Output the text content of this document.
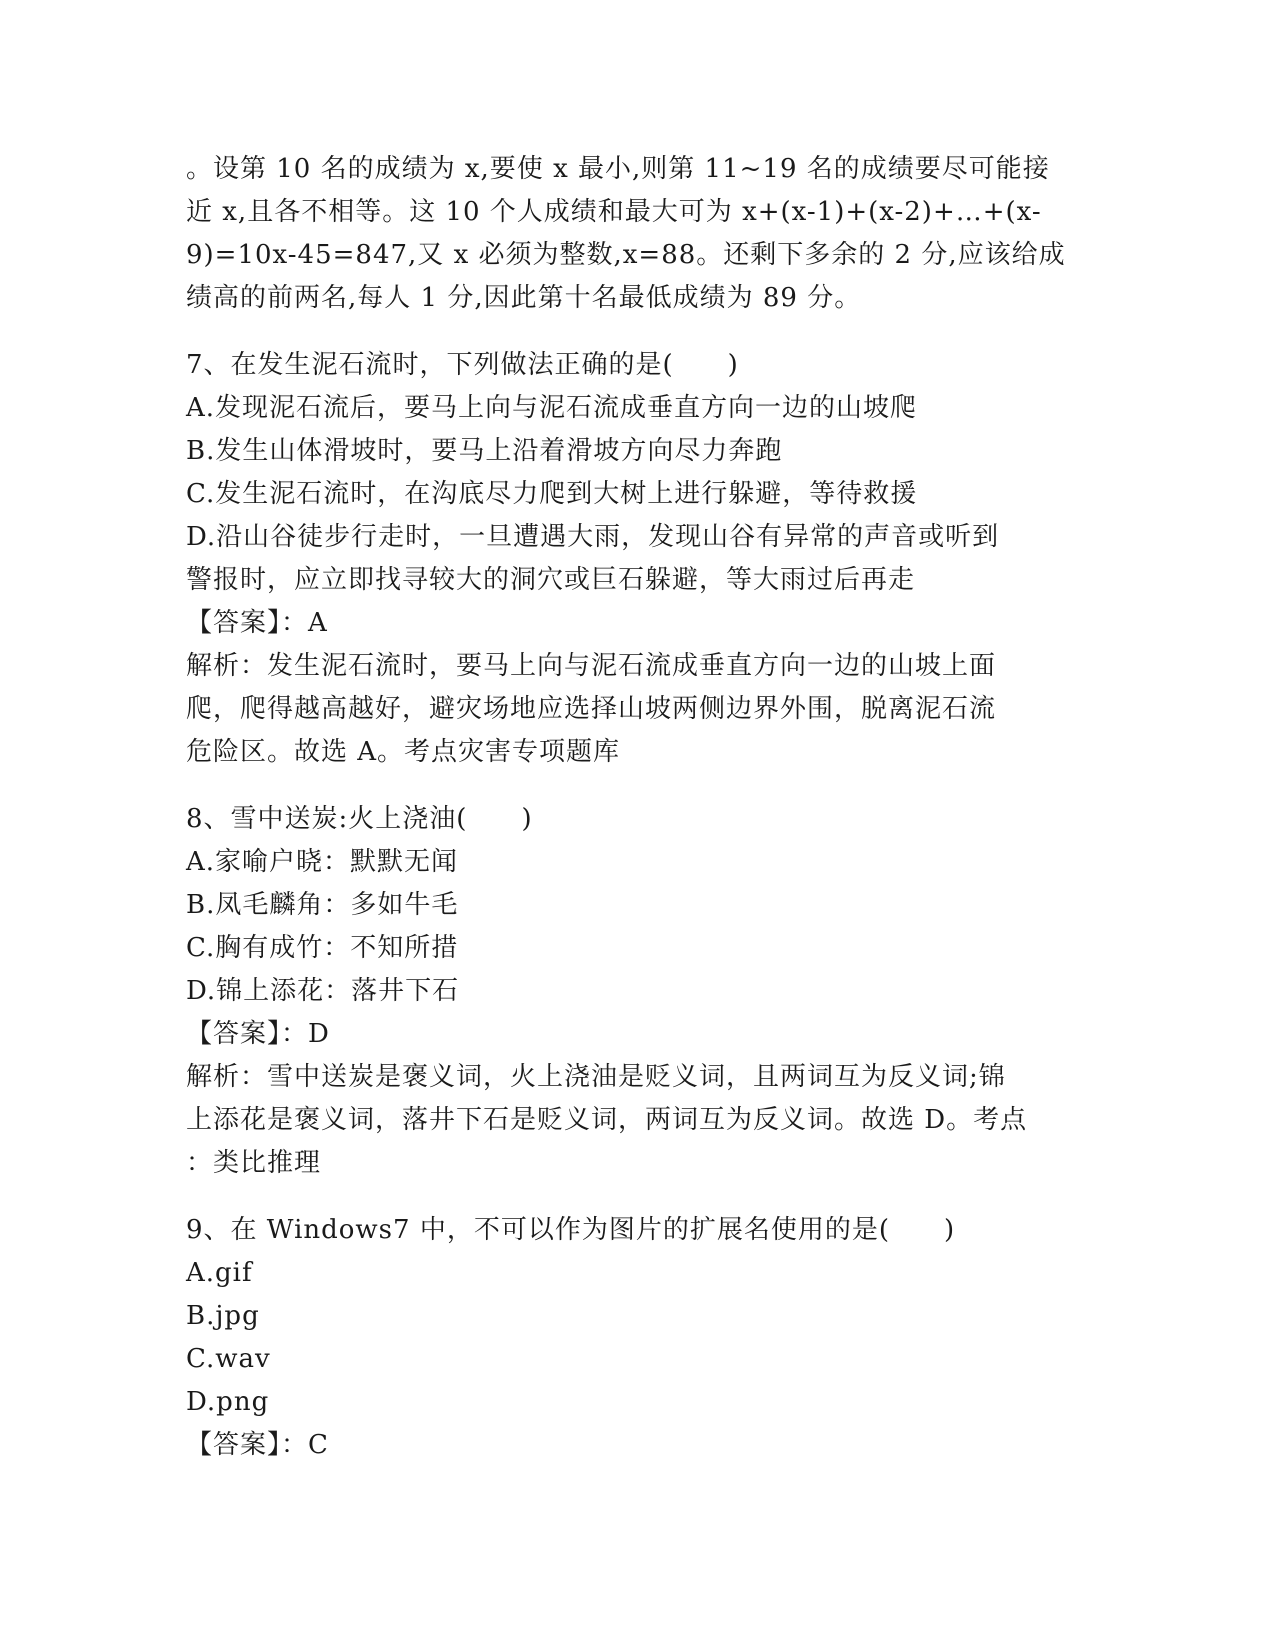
。设第 10 名的成绩为 x,要使 x 最小,则第 11~19 名的成绩要尽可能接
近 x,且各不相等。这 10 个人成绩和最大可为 x+(x-1)+(x-2)+…+(x-
9)=10x-45=847,又 x 必须为整数,x=88。还剩下多余的 2 分,应该给成
绩高的前两名,每人 1 分,因此第十名最低成绩为 89 分。
7、在发生泥石流时，下列做法正确的是(　　)
A.发现泥石流后，要马上向与泥石流成垂直方向一边的山坡爬
B.发生山体滑坡时，要马上沿着滑坡方向尽力奔跑
C.发生泥石流时，在沟底尽力爬到大树上进行躲避，等待救援
D.沿山谷徒步行走时，一旦遭遇大雨，发现山谷有异常的声音或听到
警报时，应立即找寻较大的洞穴或巨石躲避，等大雨过后再走
【答案】：A
解析：发生泥石流时，要马上向与泥石流成垂直方向一边的山坡上面
爬，爬得越高越好，避灾场地应选择山坡两侧边界外围，脱离泥石流
危险区。故选 A。考点灾害专项题库
8、雪中送炭:火上浇油(　　)
A.家喻户晓：默默无闻
B.凤毛麟角：多如牛毛
C.胸有成竹：不知所措
D.锦上添花：落井下石
【答案】：D
解析：雪中送炭是褒义词，火上浇油是贬义词，且两词互为反义词;锦
上添花是褒义词，落井下石是贬义词，两词互为反义词。故选 D。考点
：类比推理
9、在 Windows7 中，不可以作为图片的扩展名使用的是(　　)
A.gif
B.jpg
C.wav
D.png
【答案】：C
